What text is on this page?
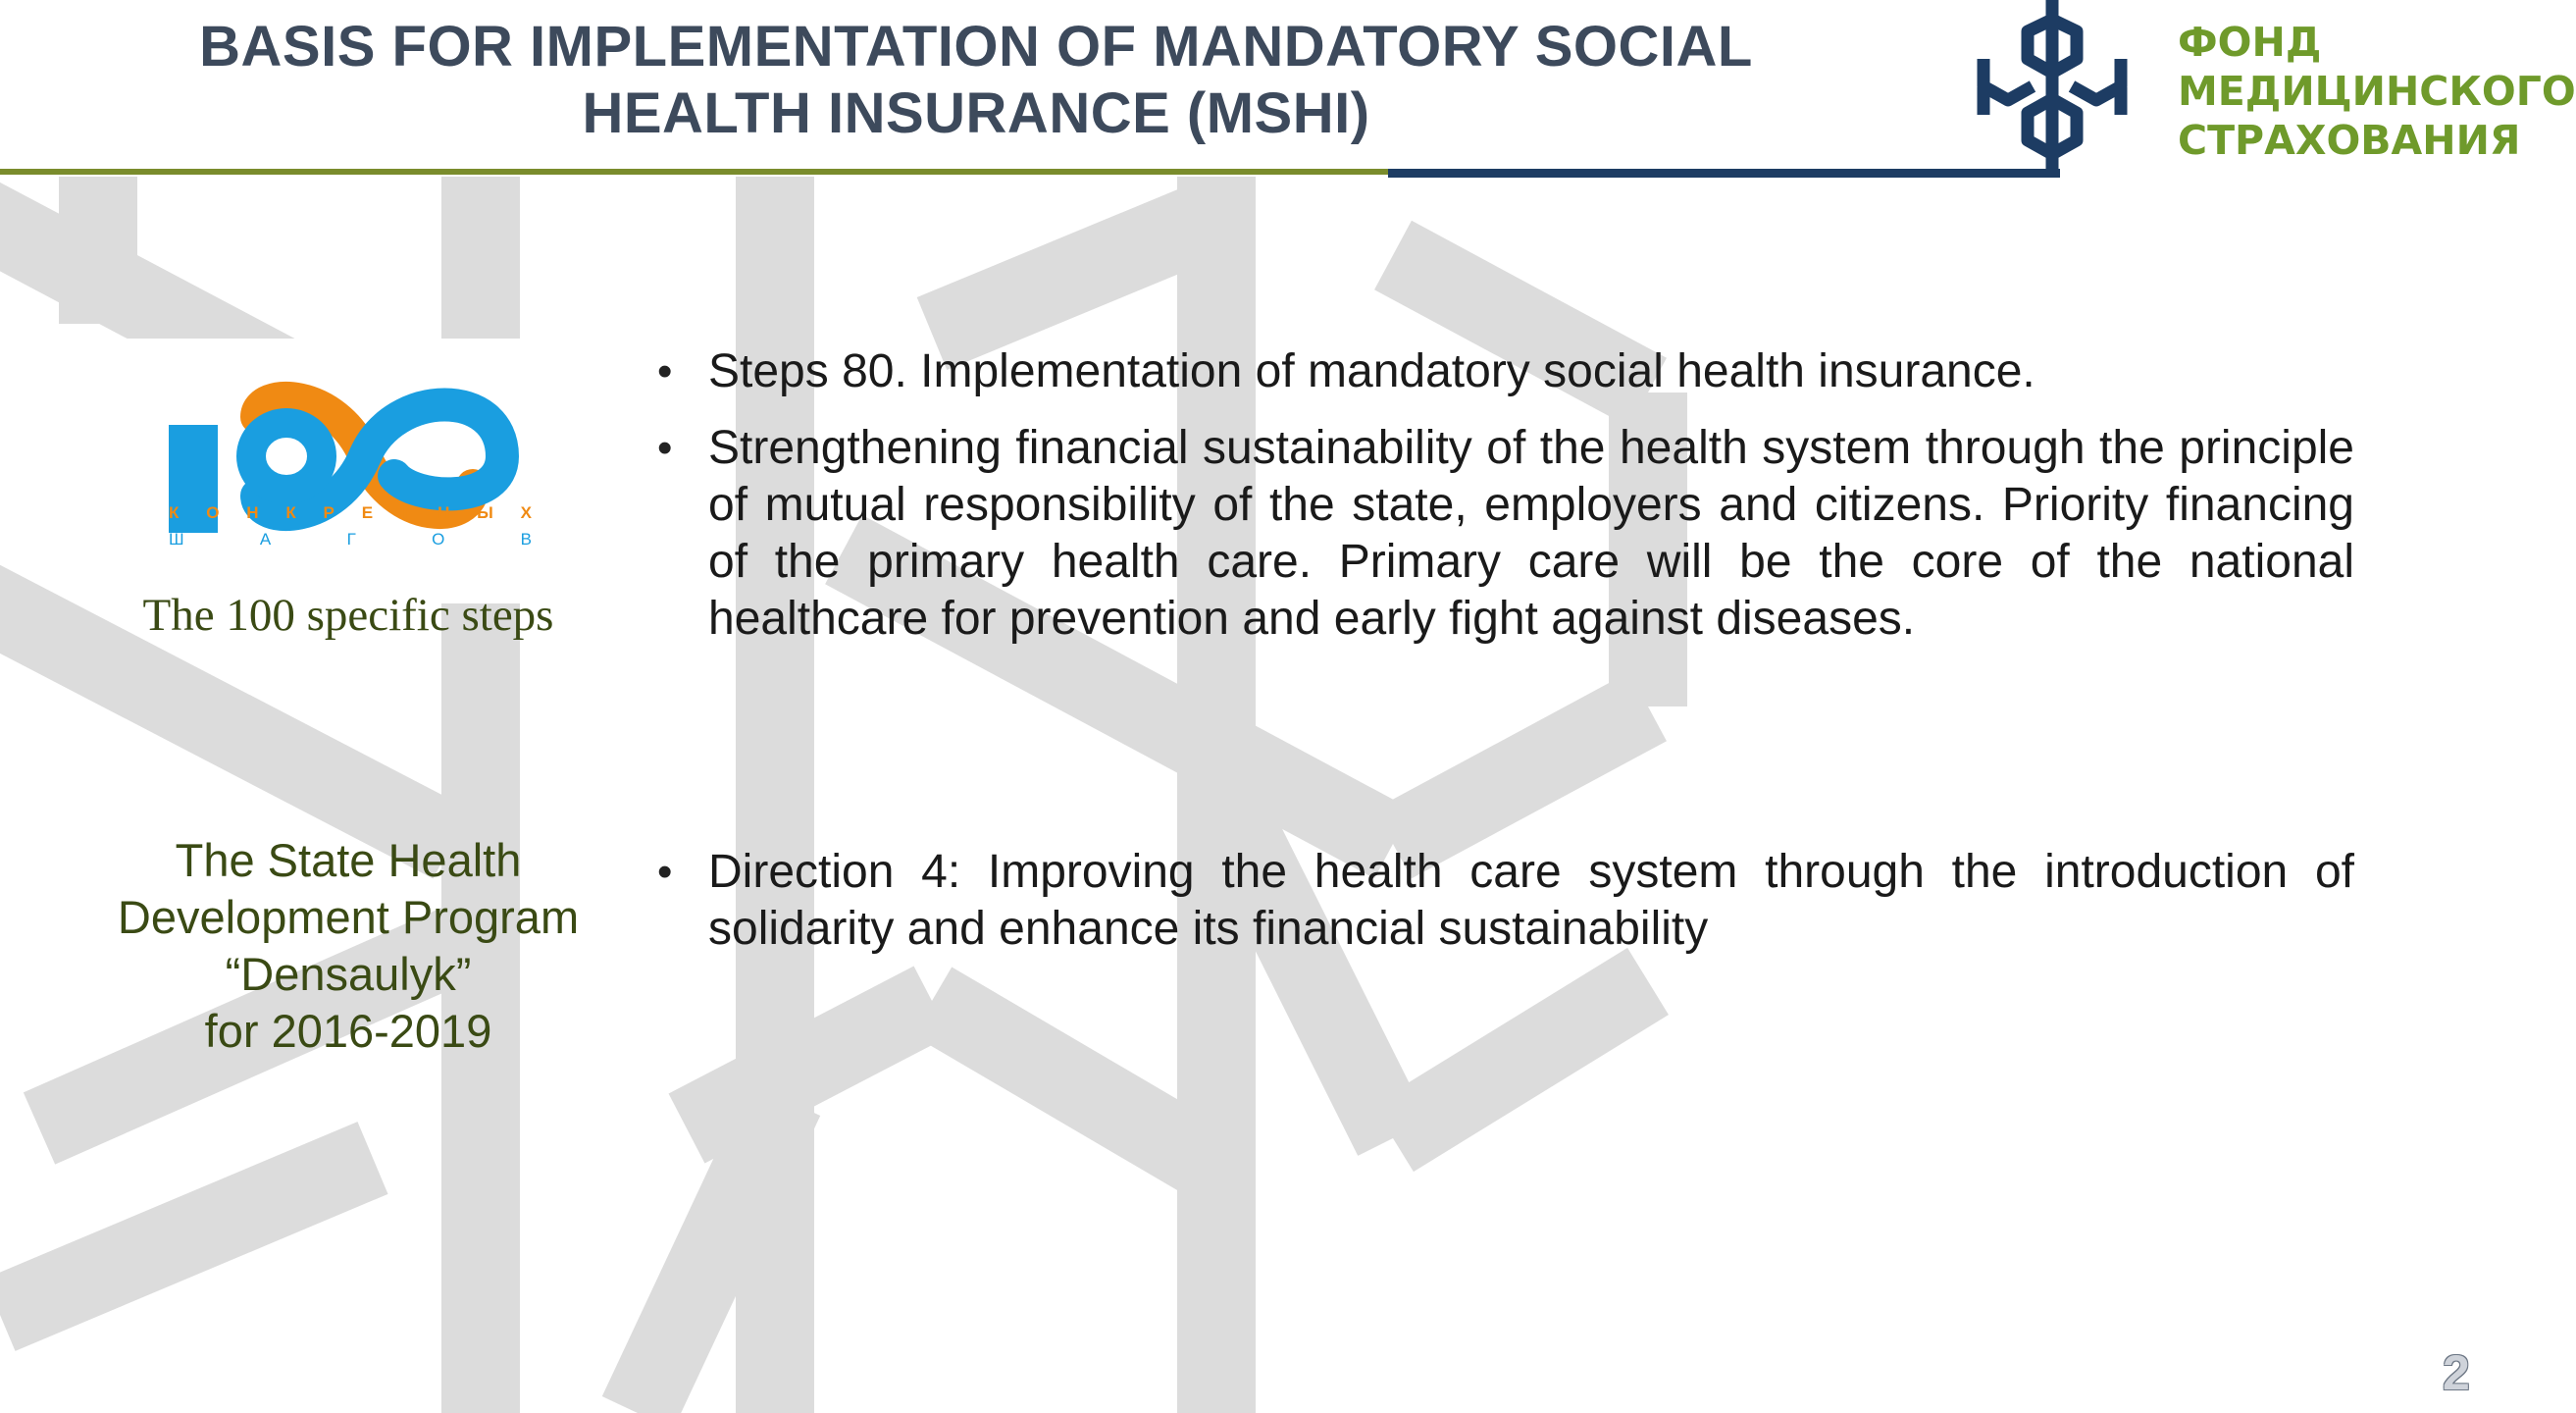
BASIS FOR IMPLEMENTATION OF MANDATORY SOCIAL HEALTH INSURANCE (MSHI)
ФОНД
МЕДИЦИНСКОГО
СТРАХОВАНИЯ
К О Н К Р Е Т Н Ы Х
Ш	А	Г	О	В
The 100 specific steps
The State Health
Development Program
“Densaulyk”
for 2016-2019
• Steps 80. Implementation of mandatory social health insurance.
• Strengthening financial sustainability of the health system through the principle of mutual responsibility of the state, employers and citizens. Priority financing of the primary health care. Primary care will be the core of the national healthcare for prevention and early fight against diseases.
• Direction 4: Improving the health care system through the introduction of solidarity and enhance its financial sustainability
2
